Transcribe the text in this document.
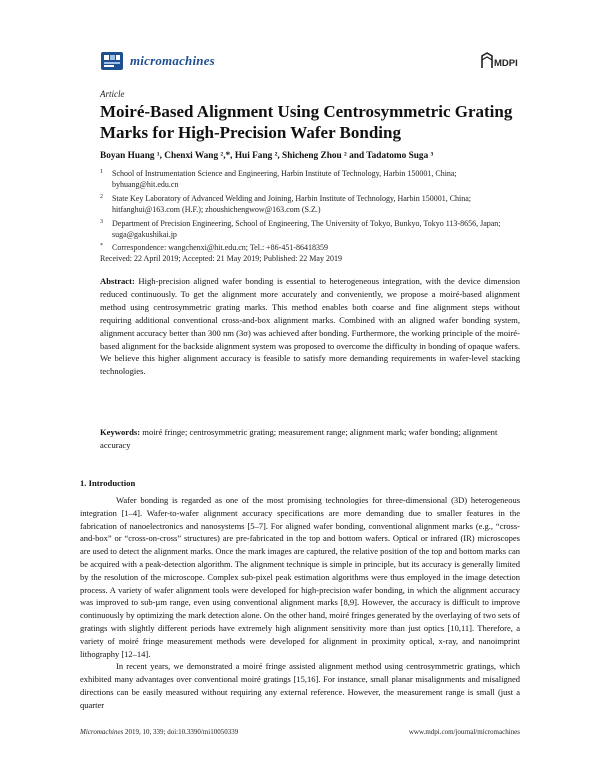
micromachines	MDPI
Article
Moiré-Based Alignment Using Centrosymmetric Grating Marks for High-Precision Wafer Bonding
Boyan Huang ¹, Chenxi Wang ²,*, Hui Fang ², Shicheng Zhou ² and Tadatomo Suga ³
1 School of Instrumentation Science and Engineering, Harbin Institute of Technology, Harbin 150001, China; byhuang@hit.edu.cn
2 State Key Laboratory of Advanced Welding and Joining, Harbin Institute of Technology, Harbin 150001, China; hitfanghui@163.com (H.F.); zhoushichengwow@163.com (S.Z.)
3 Department of Precision Engineering, School of Engineering, The University of Tokyo, Bunkyo, Tokyo 113-8656, Japan; suga@gakushikai.jp
* Correspondence: wangchenxi@hit.edu.cn; Tel.: +86-451-86418359
Received: 22 April 2019; Accepted: 21 May 2019; Published: 22 May 2019
Abstract: High-precision aligned wafer bonding is essential to heterogeneous integration, with the device dimension reduced continuously. To get the alignment more accurately and conveniently, we propose a moiré-based alignment method using centrosymmetric grating marks. This method enables both coarse and fine alignment steps without requiring additional conventional cross-and-box alignment marks. Combined with an aligned wafer bonding system, alignment accuracy better than 300 nm (3σ) was achieved after bonding. Furthermore, the working principle of the moiré-based alignment for the backside alignment system was proposed to overcome the difficulty in bonding of opaque wafers. We believe this higher alignment accuracy is feasible to satisfy more demanding requirements in wafer-level stacking technologies.
Keywords: moiré fringe; centrosymmetric grating; measurement range; alignment mark; wafer bonding; alignment accuracy
1. Introduction

Wafer bonding is regarded as one of the most promising technologies for three-dimensional (3D) heterogeneous integration [1–4]. Wafer-to-wafer alignment accuracy specifications are more demanding due to smaller features in the fabrication of nanoelectronics and nanosystems [5–7]. For aligned wafer bonding, conventional alignment marks (e.g., “cross-and-box” or “cross-on-cross” structures) are pre-fabricated in the top and bottom wafers. Optical or infrared (IR) microscopes are used to detect the alignment marks. Once the mark images are captured, the relative position of the top and bottom marks can be acquired with a peak-detection algorithm. The alignment technique is simple in principle, but its accuracy is generally limited by the resolution of the microscope. Complex sub-pixel peak estimation algorithms were thus employed in the image detection process. A variety of wafer alignment tools were developed for high-precision wafer bonding, in which the alignment accuracy was improved to sub-µm range, even using conventional alignment marks [8,9]. However, the accuracy is difficult to improve continuously by optimizing the mark detection alone. On the other hand, moiré fringes generated by the overlaying of two sets of gratings with slightly different periods have extremely high alignment sensitivity more than just optics [10,11]. Therefore, a variety of moiré fringe measurement methods were developed for alignment in proximity optical, x-ray, and nanoimprint lithography [12–14].

In recent years, we demonstrated a moiré fringe assisted alignment method using centrosymmetric gratings, which exhibited many advantages over conventional moiré gratings [15,16]. For instance, small planar misalignments and misaligned directions can be easily measured without requiring any external reference. However, the measurement range is small (just a quarter

Micromachines 2019, 10, 339; doi:10.3390/mi10050339	www.mdpi.com/journal/micromachines
